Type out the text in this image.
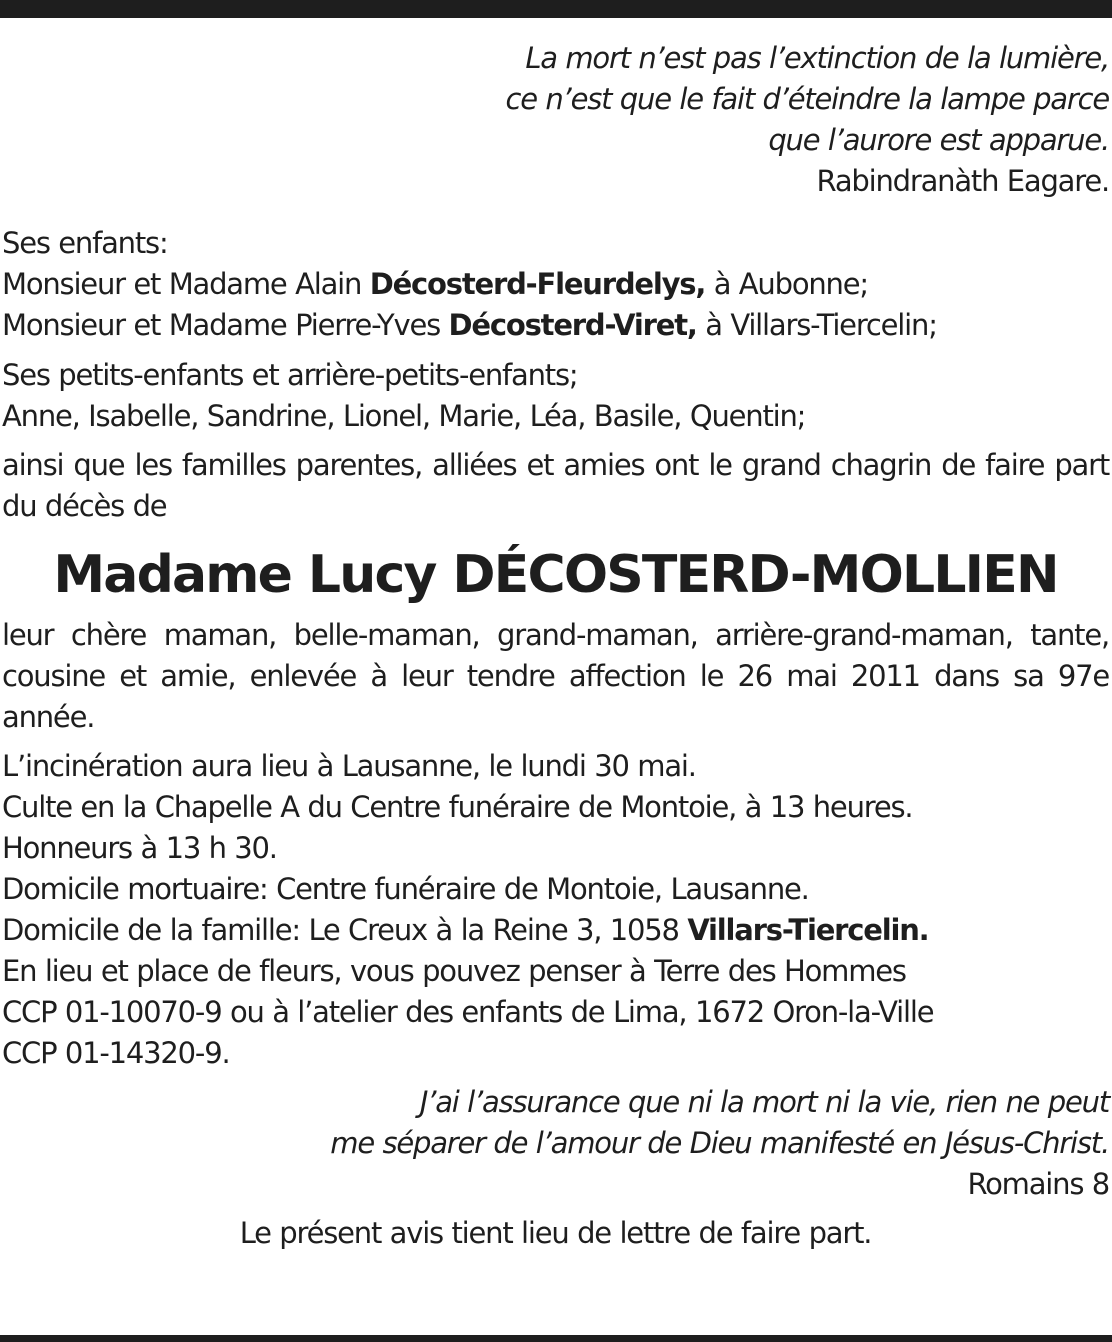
La mort n’est pas l’extinction de la lumière,
ce n’est que le fait d’éteindre la lampe parce
que l’aurore est apparue.
Rabindranàth Eagare.
Ses enfants:
Monsieur et Madame Alain Décosterd-Fleurdelys, à Aubonne;
Monsieur et Madame Pierre-Yves Décosterd-Viret, à Villars-Tiercelin;
Ses petits-enfants et arrière-petits-enfants;
Anne, Isabelle, Sandrine, Lionel, Marie, Léa, Basile, Quentin;
ainsi que les familles parentes, alliées et amies ont le grand chagrin de faire part du décès de
Madame Lucy DÉCOSTERD-MOLLIEN
leur chère maman, belle-maman, grand-maman, arrière-grand-maman, tante, cousine et amie, enlevée à leur tendre affection le 26 mai 2011 dans sa 97e année.
L’incinération aura lieu à Lausanne, le lundi 30 mai.
Culte en la Chapelle A du Centre funéraire de Montoie, à 13 heures.
Honneurs à 13 h 30.
Domicile mortuaire: Centre funéraire de Montoie, Lausanne.
Domicile de la famille: Le Creux à la Reine 3, 1058 Villars-Tiercelin.
En lieu et place de fleurs, vous pouvez penser à Terre des Hommes
CCP 01-10070-9 ou à l’atelier des enfants de Lima, 1672 Oron-la-Ville
CCP 01-14320-9.
J’ai l’assurance que ni la mort ni la vie, rien ne peut
me séparer de l’amour de Dieu manifesté en Jésus-Christ.
Romains 8
Le présent avis tient lieu de lettre de faire part.
